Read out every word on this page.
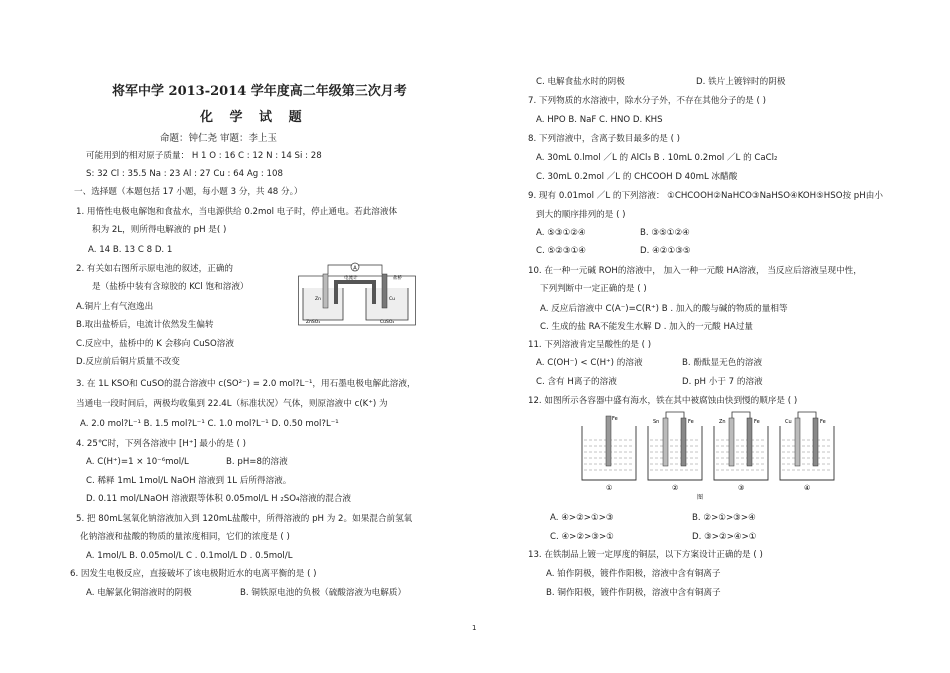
将军中学 2013-2014 学年度高二年级第三次月考
化 学 试 题
命题：钟仁尧 审题：李上玉
可能用到的相对原子质量： H 1 O : 16 C : 12 N : 14 Si : 28
S: 32 Cl : 35.5 Na : 23 Al : 27 Cu : 64 Ag : 108
一、选择题（本题包括 17 小题，每小题 3 分，共 48 分。）
1. 用惰性电极电解饱和食盐水，当电源供给 0.2mol 电子时，停止通电。若此溶液体
积为 2L，则所得电解液的 pH 是( )
A. 14 B. 13 C 8 D. 1
2. 有关如右图所示原电池的叙述，正确的
是（盐桥中装有含琼胶的 KCl 饱和溶液）
A.铜片上有气泡逸出
B.取出盐桥后，电流计依然发生偏转
C.反应中，盐桥中的 K 会移向 CuSO溶液
D.反应前后铜片质量不改变
A
电流计	盐桥
Zn	Cu
ZnSO₄	CuSO₄
3. 在 1L KSO和 CuSO的混合溶液中 c(SO²⁻) = 2.0 mol?L⁻¹，用石墨电极电解此溶液，
当通电一段时间后，两极均收集到 22.4L（标准状况）气体，则原溶液中 c(K⁺) 为
A. 2.0 mol?L⁻¹ B. 1.5 mol?L⁻¹ C. 1.0 mol?L⁻¹ D. 0.50 mol?L⁻¹
4. 25℃时，下列各溶液中 [H⁺] 最小的是 ( )
A. C(H⁺)=1 × 10⁻⁶mol/L	B. pH=8的溶液
C. 稀释 1mL 1mol/L NaOH 溶液到 1L 后所得溶液。
D. 0.11 mol/LNaOH 溶液跟等体积 0.05mol/L H ₂SO₄溶液的混合液
5. 把 80mL氢氧化钠溶液加入到 120mL盐酸中，所得溶液的 pH 为 2。如果混合前氢氧
化钠溶液和盐酸的物质的量浓度相同，它们的浓度是 ( )
A. 1mol/L B. 0.05mol/L C . 0.1mol/L D . 0.5mol/L
6. 因发生电极反应，直接破坏了该电极附近水的电离平衡的是 ( )
A. 电解氯化铜溶液时的阴极	B. 铜铁原电池的负极（硫酸溶液为电解质）
C. 电解食盐水时的阴极	D. 铁片上镀锌时的阴极
7. 下列物质的水溶液中，除水分子外，不存在其他分子的是 ( )
A. HPO B. NaF C. HNO D. KHS
8. 下列溶液中，含离子数目最多的是 ( )
A. 30mL 0.lmol ／L 的 AlCl₃ B . 10mL 0.2mol ／L 的 CaCl₂
C. 30mL 0.2mol ／L 的 CHCOOH D 40mL 冰醋酸
9. 现有 0.01mol ／L 的下列溶液： ①CHCOOH②NaHCO③NaHSO④KOH⑤HSO按 pH由小
到大的顺序排列的是 ( )
A. ⑤③①②④	B. ③⑤①②④
C. ⑤②③①④	D. ④②①③⑤
10. 在一种一元碱 ROH的溶液中， 加入一种一元酸 HA溶液， 当反应后溶液呈现中性，
下列判断中一定正确的是 ( )
A. 反应后溶液中 C(A⁻)=C(R⁺) B . 加入的酸与碱的物质的量相等
C. 生成的盐 RA不能发生水解 D . 加入的一元酸 HA过量
11. 下列溶液肯定呈酸性的是 ( )
A. C(OH⁻) < C(H⁺) 的溶液	B. 酚酞显无色的溶液
C. 含有 H离子的溶液	D. pH 小于 7 的溶液
12. 如图所示各容器中盛有海水，铁在其中被腐蚀由快到慢的顺序是 ( )
Fe
①
Sn	Fe
②
Zn	Fe
③
Cu	Fe
④
图
A. ④>②>①>③	B. ②>①>③>④
C. ④>②>③>①	D. ③>②>④>①
13. 在铁制品上镀一定厚度的铜层，以下方案设计正确的是 ( )
A. 铂作阴极，镀件作阳极，溶液中含有铜离子
B. 铜作阳极，镀件作阴极，溶液中含有铜离子
1
